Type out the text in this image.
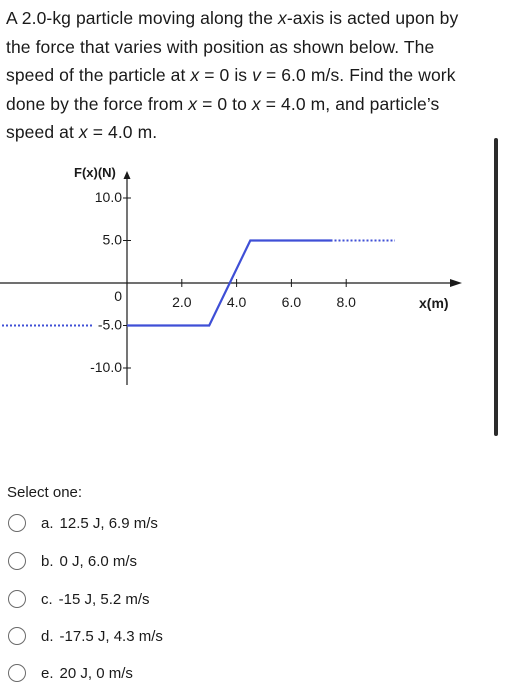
A 2.0-kg particle moving along the x-axis is acted upon by the force that varies with position as shown below. The speed of the particle at x = 0 is v = 6.0 m/s. Find the work done by the force from x = 0 to x = 4.0 m, and particle’s speed at x = 4.0 m.
10.0
5.0
0
-5.0
-10.0
2.0	4.0	6.0	8.0
F(x)(N)
x(m)
Select one:
a. 12.5 J, 6.9 m/s
b. 0 J, 6.0 m/s
c. -15 J, 5.2 m/s
d. -17.5 J, 4.3 m/s
e. 20 J, 0 m/s
